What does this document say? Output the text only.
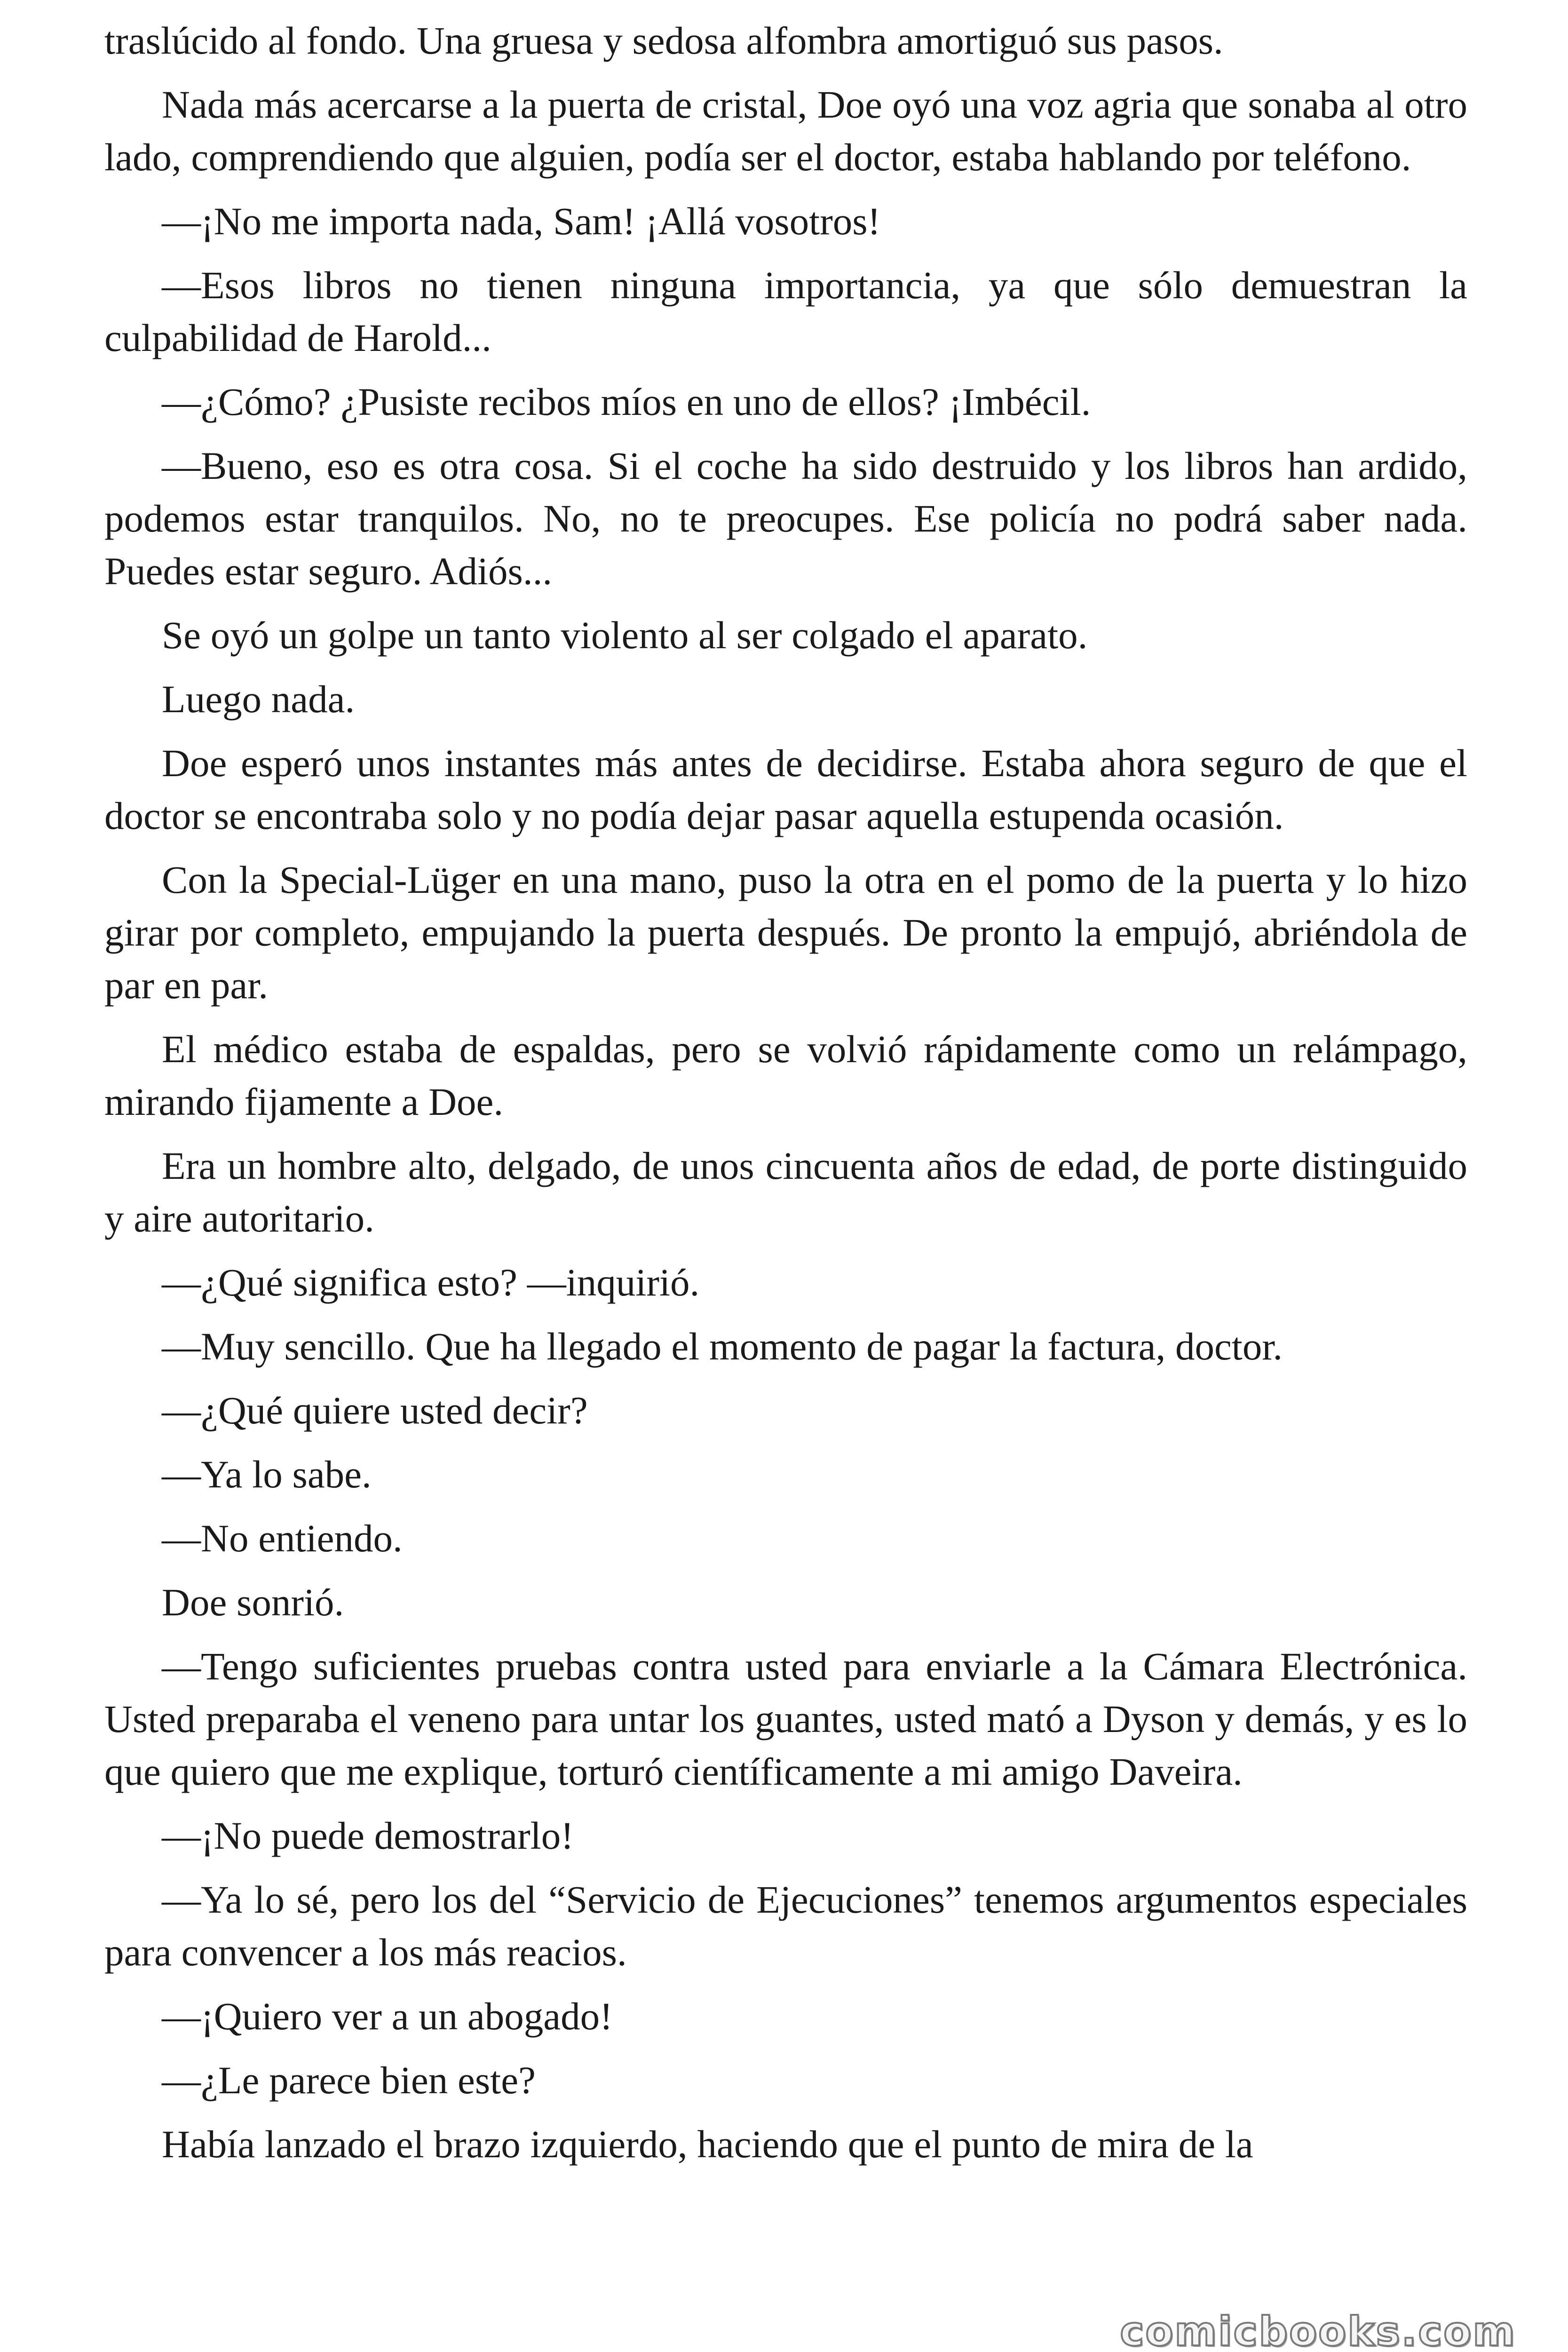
traslúcido al fondo. Una gruesa y sedosa alfombra amortiguó sus pasos.

Nada más acercarse a la puerta de cristal, Doe oyó una voz agria que sonaba al otro lado, comprendiendo que alguien, podía ser el doctor, estaba hablando por teléfono.

—¡No me importa nada, Sam! ¡Allá vosotros!

—Esos libros no tienen ninguna importancia, ya que sólo demuestran la culpabilidad de Harold...

—¿Cómo? ¿Pusiste recibos míos en uno de ellos? ¡Imbécil.

—Bueno, eso es otra cosa. Si el coche ha sido destruido y los libros han ardido, podemos estar tranquilos. No, no te preocupes. Ese policía no podrá saber nada. Puedes estar seguro. Adiós...

Se oyó un golpe un tanto violento al ser colgado el aparato.

Luego nada.

Doe esperó unos instantes más antes de decidirse. Estaba ahora seguro de que el doctor se encontraba solo y no podía dejar pasar aquella estupenda ocasión.

Con la Special-Lüger en una mano, puso la otra en el pomo de la puerta y lo hizo girar por completo, empujando la puerta después. De pronto la empujó, abriéndola de par en par.

El médico estaba de espaldas, pero se volvió rápidamente como un relámpago, mirando fijamente a Doe.

Era un hombre alto, delgado, de unos cincuenta años de edad, de porte distinguido y aire autoritario.

—¿Qué significa esto? —inquirió.

—Muy sencillo. Que ha llegado el momento de pagar la factura, doctor.

—¿Qué quiere usted decir?

—Ya lo sabe.

—No entiendo.

Doe sonrió.

—Tengo suficientes pruebas contra usted para enviarle a la Cámara Electrónica. Usted preparaba el veneno para untar los guantes, usted mató a Dyson y demás, y es lo que quiero que me explique, torturó científicamente a mi amigo Daveira.

—¡No puede demostrarlo!

—Ya lo sé, pero los del “Servicio de Ejecuciones” tenemos argumentos especiales para convencer a los más reacios.

—¡Quiero ver a un abogado!

—¿Le parece bien este?

Había lanzado el brazo izquierdo, haciendo que el punto de mira de la

comicbooks.com
